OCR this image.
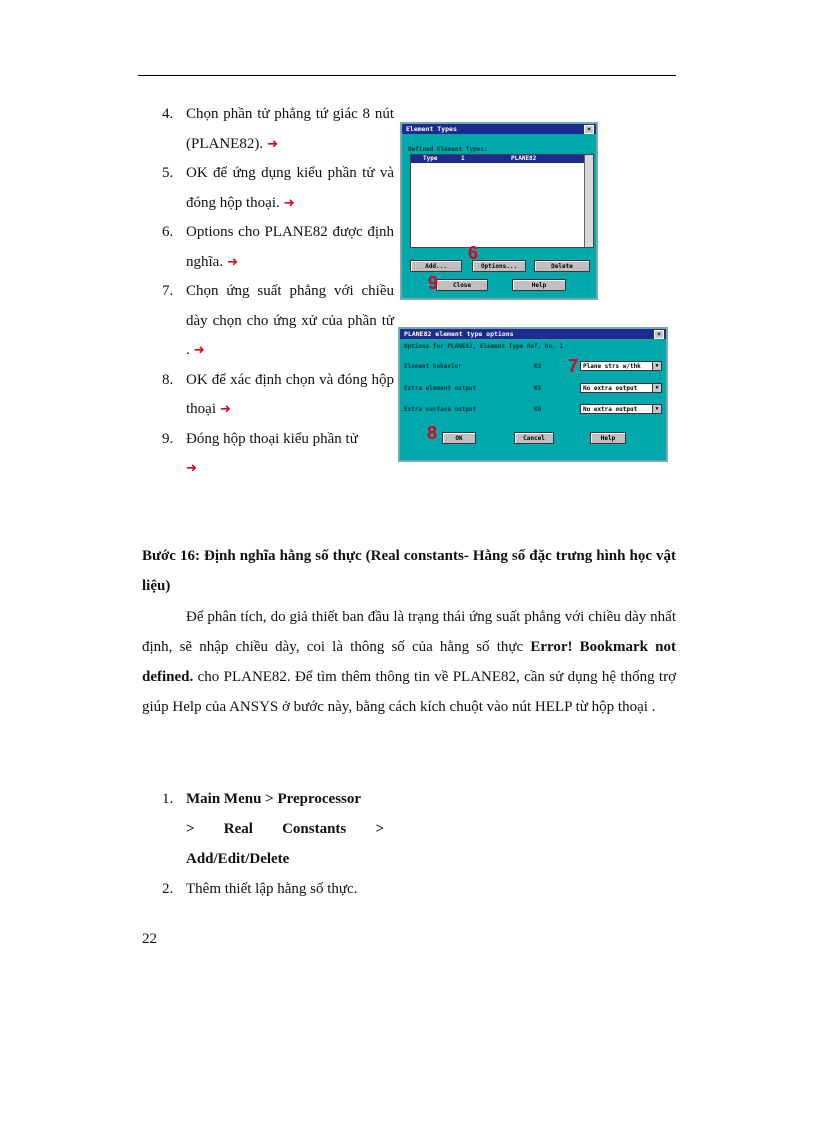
4. Chọn phần tử phẳng tứ giác 8 nút (PLANE82). ➜
5. OK để ứng dụng kiểu phần tử và đóng hộp thoại. ➜
6. Options cho PLANE82 được định nghĩa. ➜
7. Chọn ứng suất phẳng với chiều dày chọn cho ứng xử của phần tử . ➜
8. OK để xác định chọn và đóng hộp thoại ➜
9. Đóng hộp thoại kiểu phần tử
➜
Element Types	×
Defined Element Types:
Type	1	PLANE82
Add...	Options...	Delete
Close	Help
6
9
PLANE82 element type options	×
Options for PLANE82, Element Type Ref. No. 1
Element behavior	K3	Plane strs w/thk	▼
Extra element output	K5	No extra output	▼
Extra surface output	K6	No extra output	▼
OK	Cancel	Help
7
8
Bước 16: Định nghĩa hằng số thực (Real constants- Hằng số đặc trưng hình học vật liệu)

Để phân tích, do giả thiết ban đầu là trạng thái ứng suất phẳng với chiều dày nhất định, sẽ nhập chiều dày, coi là thông số của hằng số thực Error! Bookmark not defined. cho PLANE82. Để tìm thêm thông tin về PLANE82, cần sử dụng hệ thống trợ giúp Help của ANSYS ở bước này, bằng cách kích chuột vào nút HELP từ hộp thoại .

1. Main Menu > Preprocessor
> Real Constants >
Add/Edit/Delete
2. Thêm thiết lập hằng số thực.
22
